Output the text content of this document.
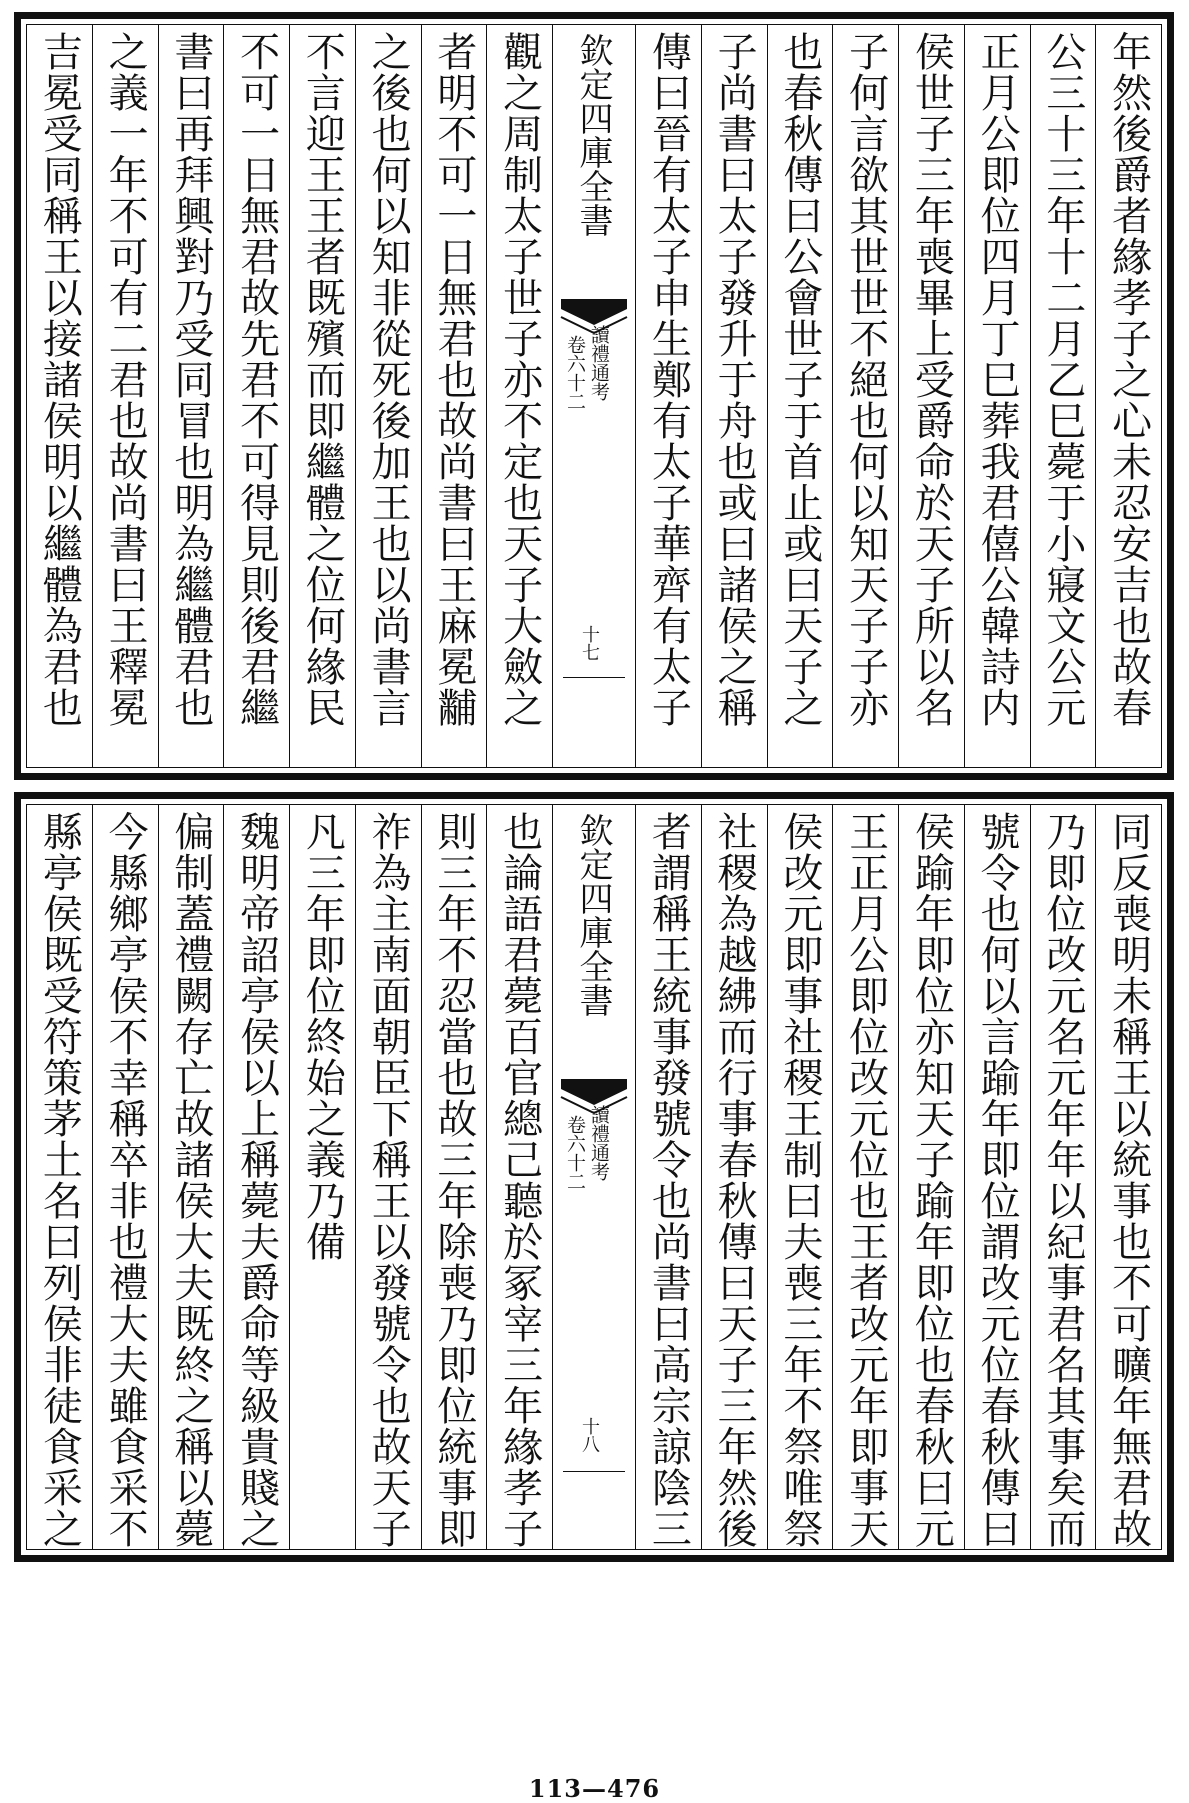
年然後爵者緣孝子之心未忍安吉也故春
公三十三年十二月乙巳薨于小寢文公元
正月公即位四月丁巳葬我君僖公韓詩内
侯世子三年喪畢上受爵命於天子所以名
子何言欲其世世不絕也何以知天子子亦
也春秋傳曰公會世子于首止或曰天子之
子尚書曰太子發升于舟也或曰諸侯之稱
傳曰晉有太子申生鄭有太子華齊有太子
欽定四庫全書
讀禮通考
卷六十二
十七
觀之周制太子世子亦不定也天子大斂之
者明不可一日無君也故尚書曰王麻冕黼
之後也何以知非從死後加王也以尚書言
不言迎王王者既殯而即繼體之位何緣民
不可一日無君故先君不可得見則後君繼
書曰再拜興對乃受同冒也明為繼體君也
之義一年不可有二君也故尚書曰王釋冕
吉冕受同稱王以接諸侯明以繼體為君也
同反喪明未稱王以統事也不可曠年無君故
乃即位改元名元年年以紀事君名其事矣而
號令也何以言踰年即位謂改元位春秋傳曰
侯踰年即位亦知天子踰年即位也春秋曰元
王正月公即位改元位也王者改元年即事天
侯改元即事社稷王制曰夫喪三年不祭唯祭
社稷為越紼而行事春秋傳曰天子三年然後
者謂稱王統事發號令也尚書曰高宗諒陰三
欽定四庫全書
讀禮通考
卷六十二
十八
也論語君薨百官總己聽於冢宰三年緣孝子
則三年不忍當也故三年除喪乃即位統事即
祚為主南面朝臣下稱王以發號令也故天子
凡三年即位終始之義乃備
魏明帝詔亭侯以上稱薨夫爵命等級貴賤之
偏制蓋禮闕存亡故諸侯大夫既終之稱以薨
今縣鄉亭侯不幸稱卒非也禮大夫雖食采不
縣亭侯既受符策茅土名曰列侯非徒食采之
113—476
